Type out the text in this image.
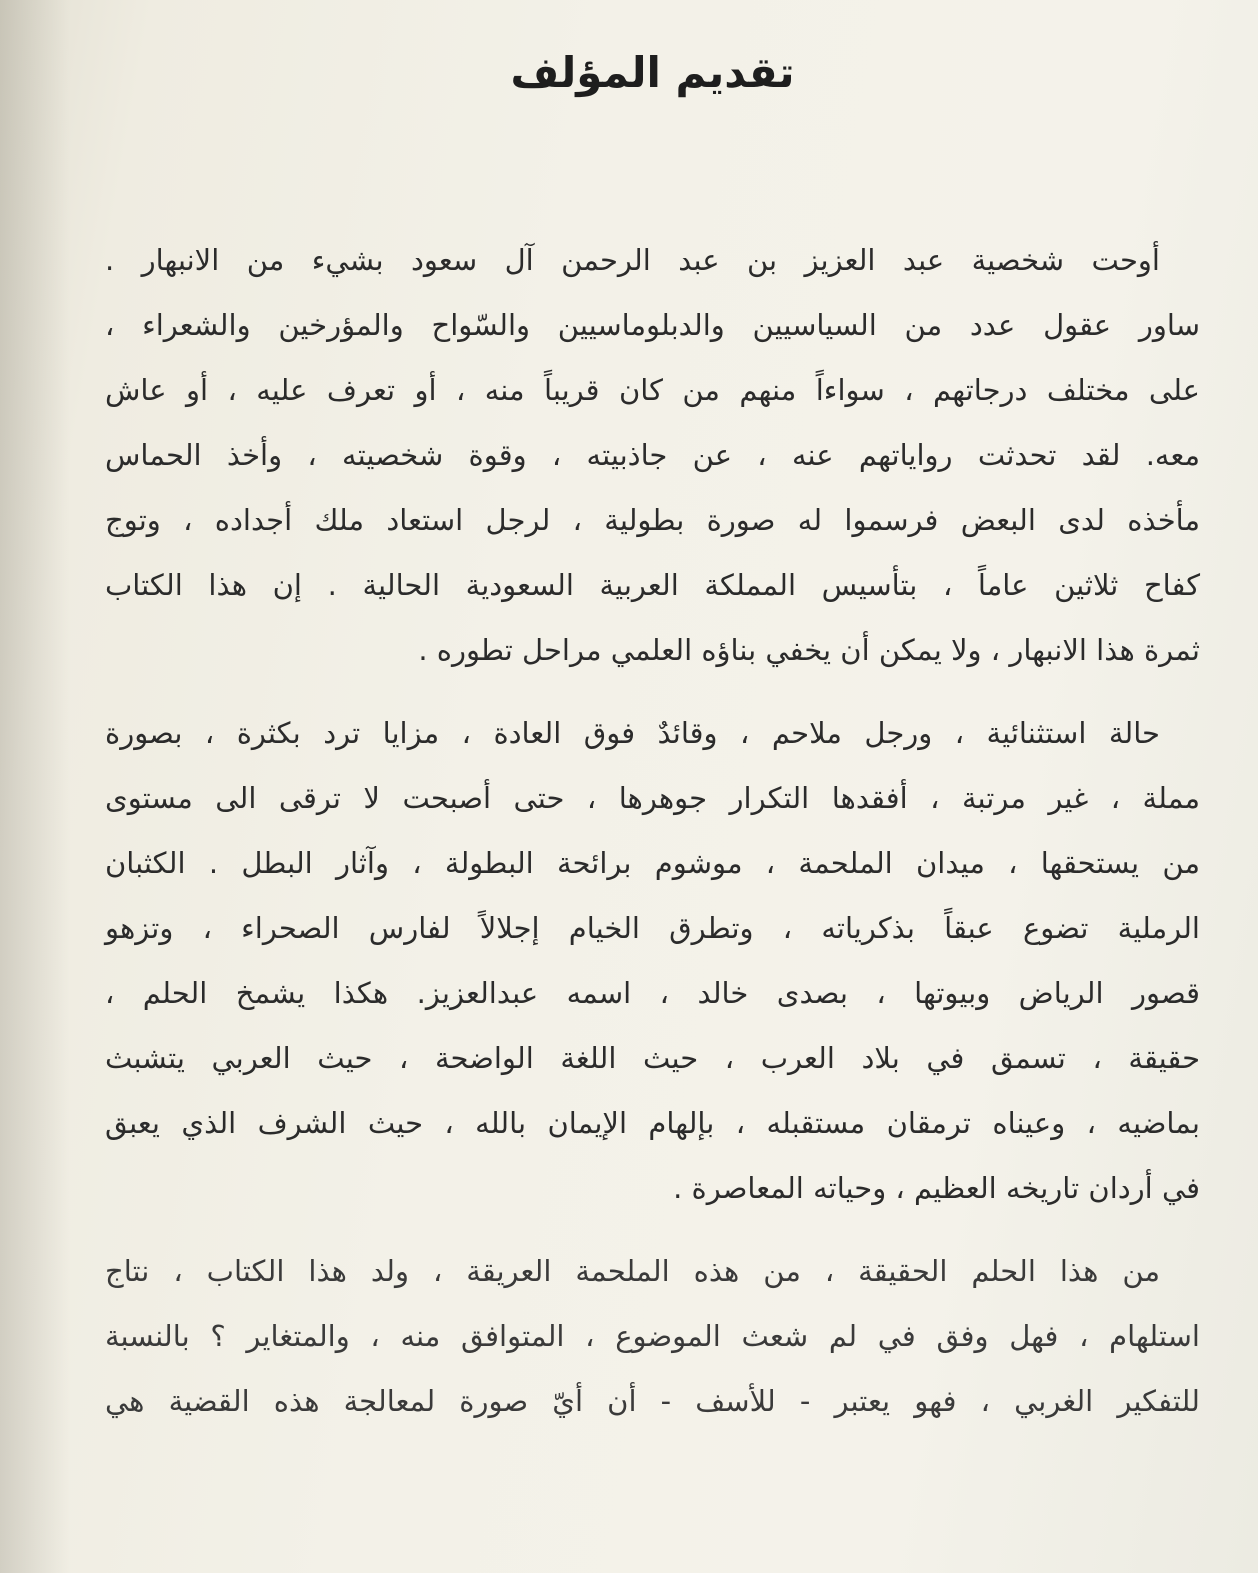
تقديم المؤلف
أوحت شخصية عبد العزيز بن عبد الرحمن آل سعود بشيء من الانبهار .
ساور عقول عدد من السياسيين والدبلوماسيين والسّواح والمؤرخين والشعراء ،
على مختلف درجاتهم ، سواءاً منهم من كان قريباً منه ، أو تعرف عليه ، أو عاش
معه. لقد تحدثت رواياتهم عنه ، عن جاذبيته ، وقوة شخصيته ، وأخذ الحماس
مأخذه لدى البعض فرسموا له صورة بطولية ، لرجل استعاد ملك أجداده ، وتوج
كفاح ثلاثين عاماً ، بتأسيس المملكة العربية السعودية الحالية . إن هذا الكتاب
ثمرة هذا الانبهار ، ولا يمكن أن يخفي بناؤه العلمي مراحل تطوره .
حالة استثنائية ، ورجل ملاحم ، وقائدٌ فوق العادة ، مزايا ترد بكثرة ، بصورة
مملة ، غير مرتبة ، أفقدها التكرار جوهرها ، حتى أصبحت لا ترقى الى مستوى
من يستحقها ، ميدان الملحمة ، موشوم برائحة البطولة ، وآثار البطل . الكثبان
الرملية تضوع عبقاً بذكرياته ، وتطرق الخيام إجلالاً لفارس الصحراء ، وتزهو
قصور الرياض وبيوتها ، بصدى خالد ، اسمه عبدالعزيز. هكذا يشمخ الحلم ،
حقيقة ، تسمق في بلاد العرب ، حيث اللغة الواضحة ، حيث العربي يتشبث
بماضيه ، وعيناه ترمقان مستقبله ، بإلهام الإيمان بالله ، حيث الشرف الذي يعبق
في أردان تاريخه العظيم ، وحياته المعاصرة .
من هذا الحلم الحقيقة ، من هذه الملحمة العريقة ، ولد هذا الكتاب ، نتاج
استلهام ، فهل وفق في لم شعث الموضوع ، المتوافق منه ، والمتغاير ؟ بالنسبة
للتفكير الغربي ، فهو يعتبر - للأسف - أن أيّ صورة لمعالجة هذه القضية هي
